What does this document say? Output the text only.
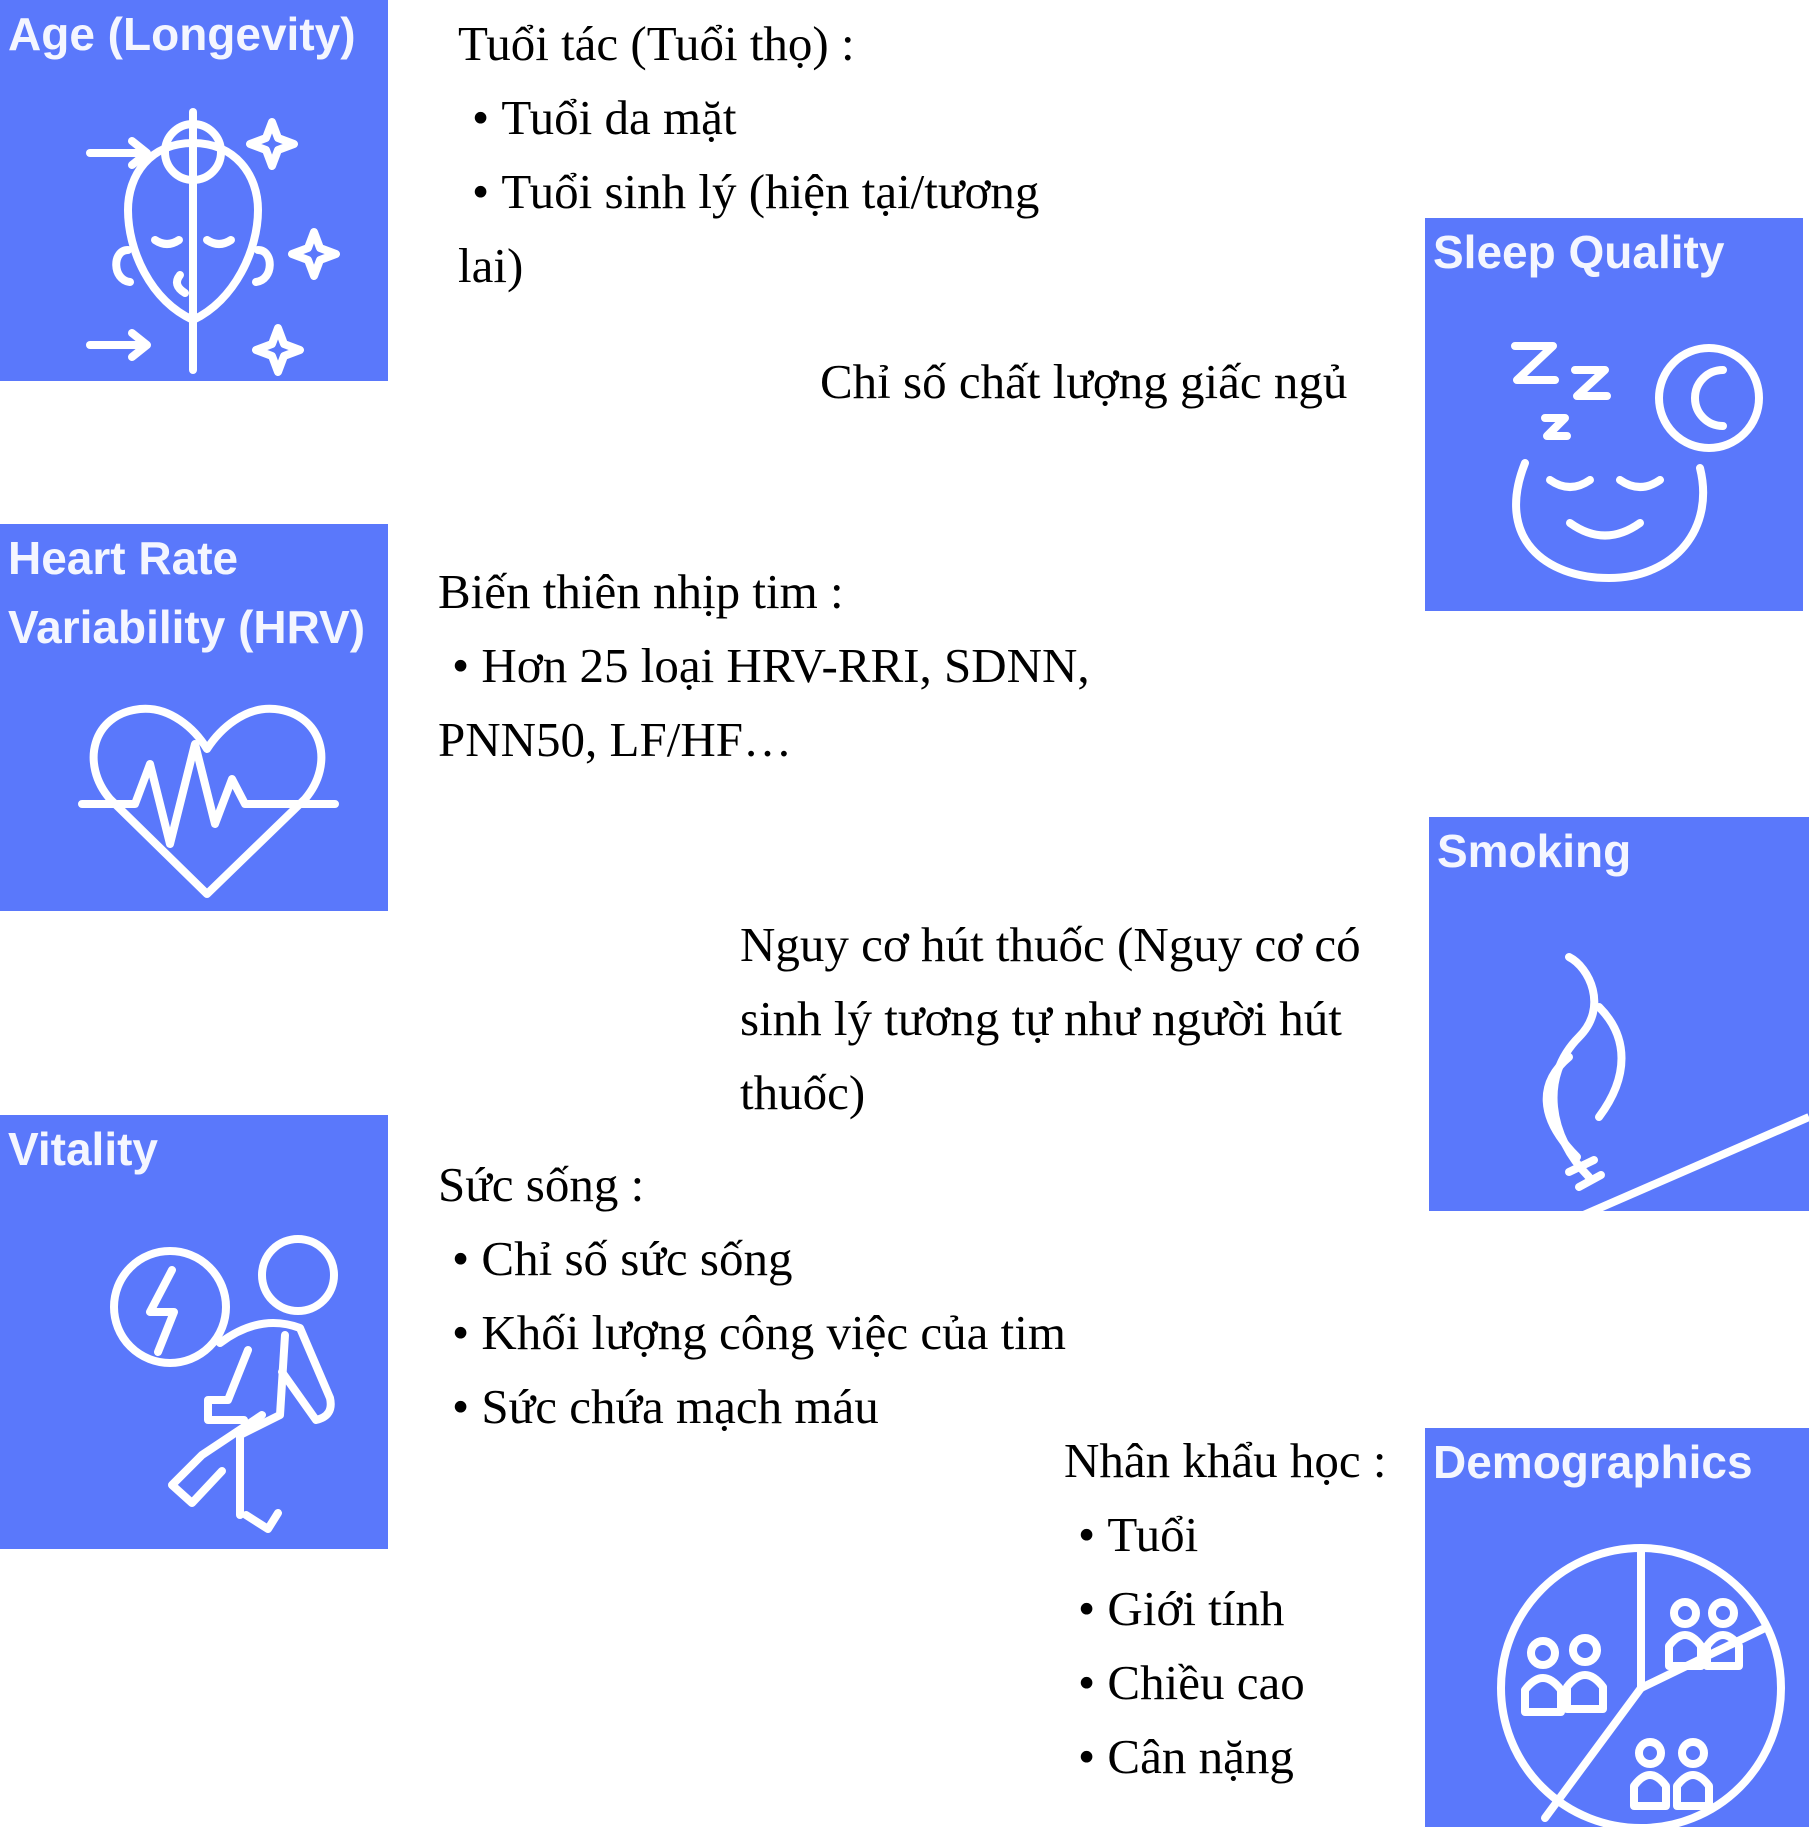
Age (Longevity)
Heart Rate
Variability (HRV)
Vitality
Sleep Quality
Smoking
Demographics
Tuổi tác (Tuổi thọ) :
• Tuổi da mặt
• Tuổi sinh lý (hiện tại/tương
lai)
Chỉ số chất lượng giấc ngủ
Biến thiên nhịp tim :
• Hơn 25 loại HRV-RRI, SDNN,
PNN50, LF/HF…
Nguy cơ hút thuốc (Nguy cơ có
sinh lý tương tự như người hút
thuốc)
Sức sống :
• Chỉ số sức sống
• Khối lượng công việc của tim
• Sức chứa mạch máu
Nhân khẩu học :
• Tuổi
• Giới tính
• Chiều cao
• Cân nặng
